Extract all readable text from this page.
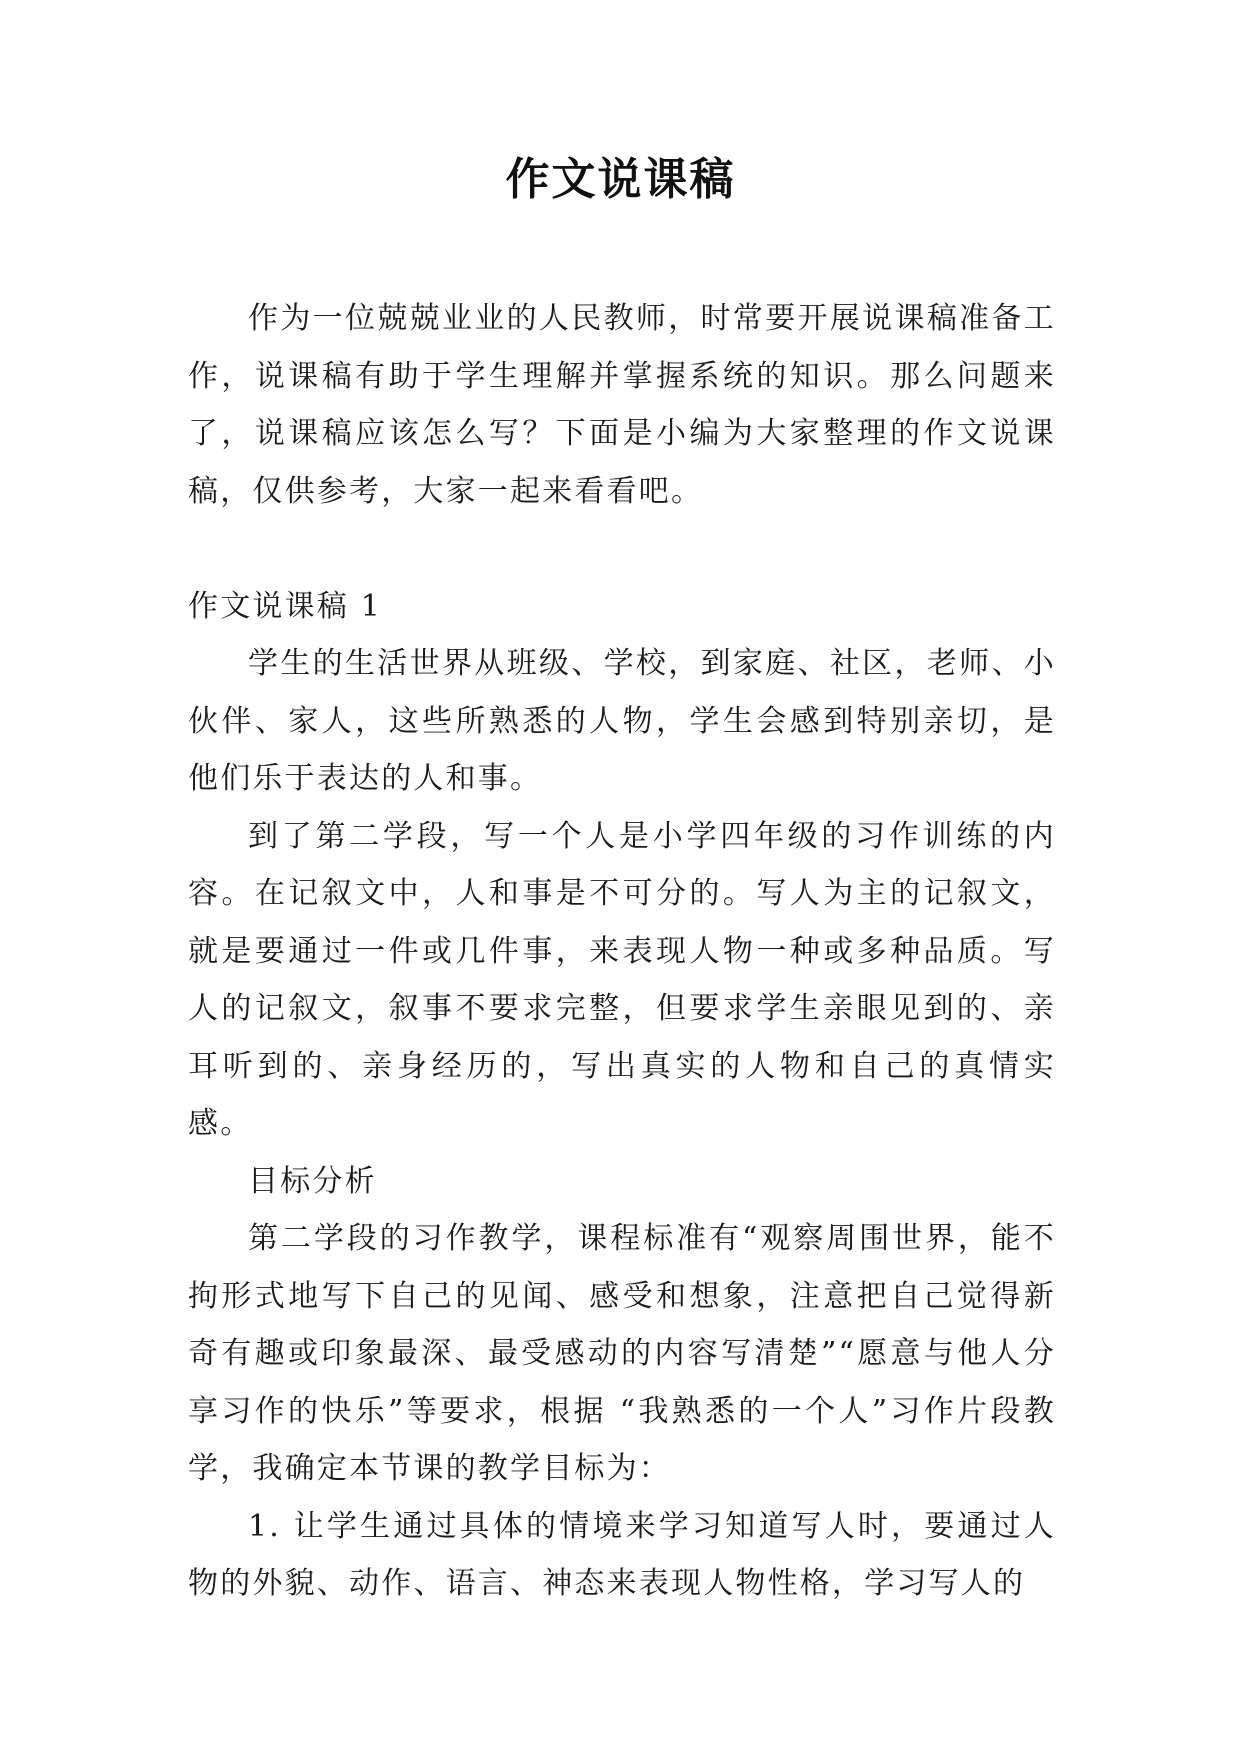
作文说课稿

作为一位兢兢业业的人民教师，时常要开展说课稿准备工作，说课稿有助于学生理解并掌握系统的知识。那么问题来了，说课稿应该怎么写？下面是小编为大家整理的作文说课稿，仅供参考，大家一起来看看吧。

作文说课稿 1

学生的生活世界从班级、学校，到家庭、社区，老师、小伙伴、家人，这些所熟悉的人物，学生会感到特别亲切，是他们乐于表达的人和事。

到了第二学段，写一个人是小学四年级的习作训练的内容。在记叙文中，人和事是不可分的。写人为主的记叙文，就是要通过一件或几件事，来表现人物一种或多种品质。写人的记叙文，叙事不要求完整，但要求学生亲眼见到的、亲耳听到的、亲身经历的，写出真实的人物和自己的真情实感。

目标分析

第二学段的习作教学，课程标准有“观察周围世界，能不拘形式地写下自己的见闻、感受和想象，注意把自己觉得新奇有趣或印象最深、最受感动的内容写清楚”“愿意与他人分享习作的快乐”等要求，根据 “我熟悉的一个人”习作片段教学，我确定本节课的教学目标为：

1. 让学生通过具体的情境来学习知道写人时，要通过人物的外貌、动作、语言、神态来表现人物性格，学习写人的
